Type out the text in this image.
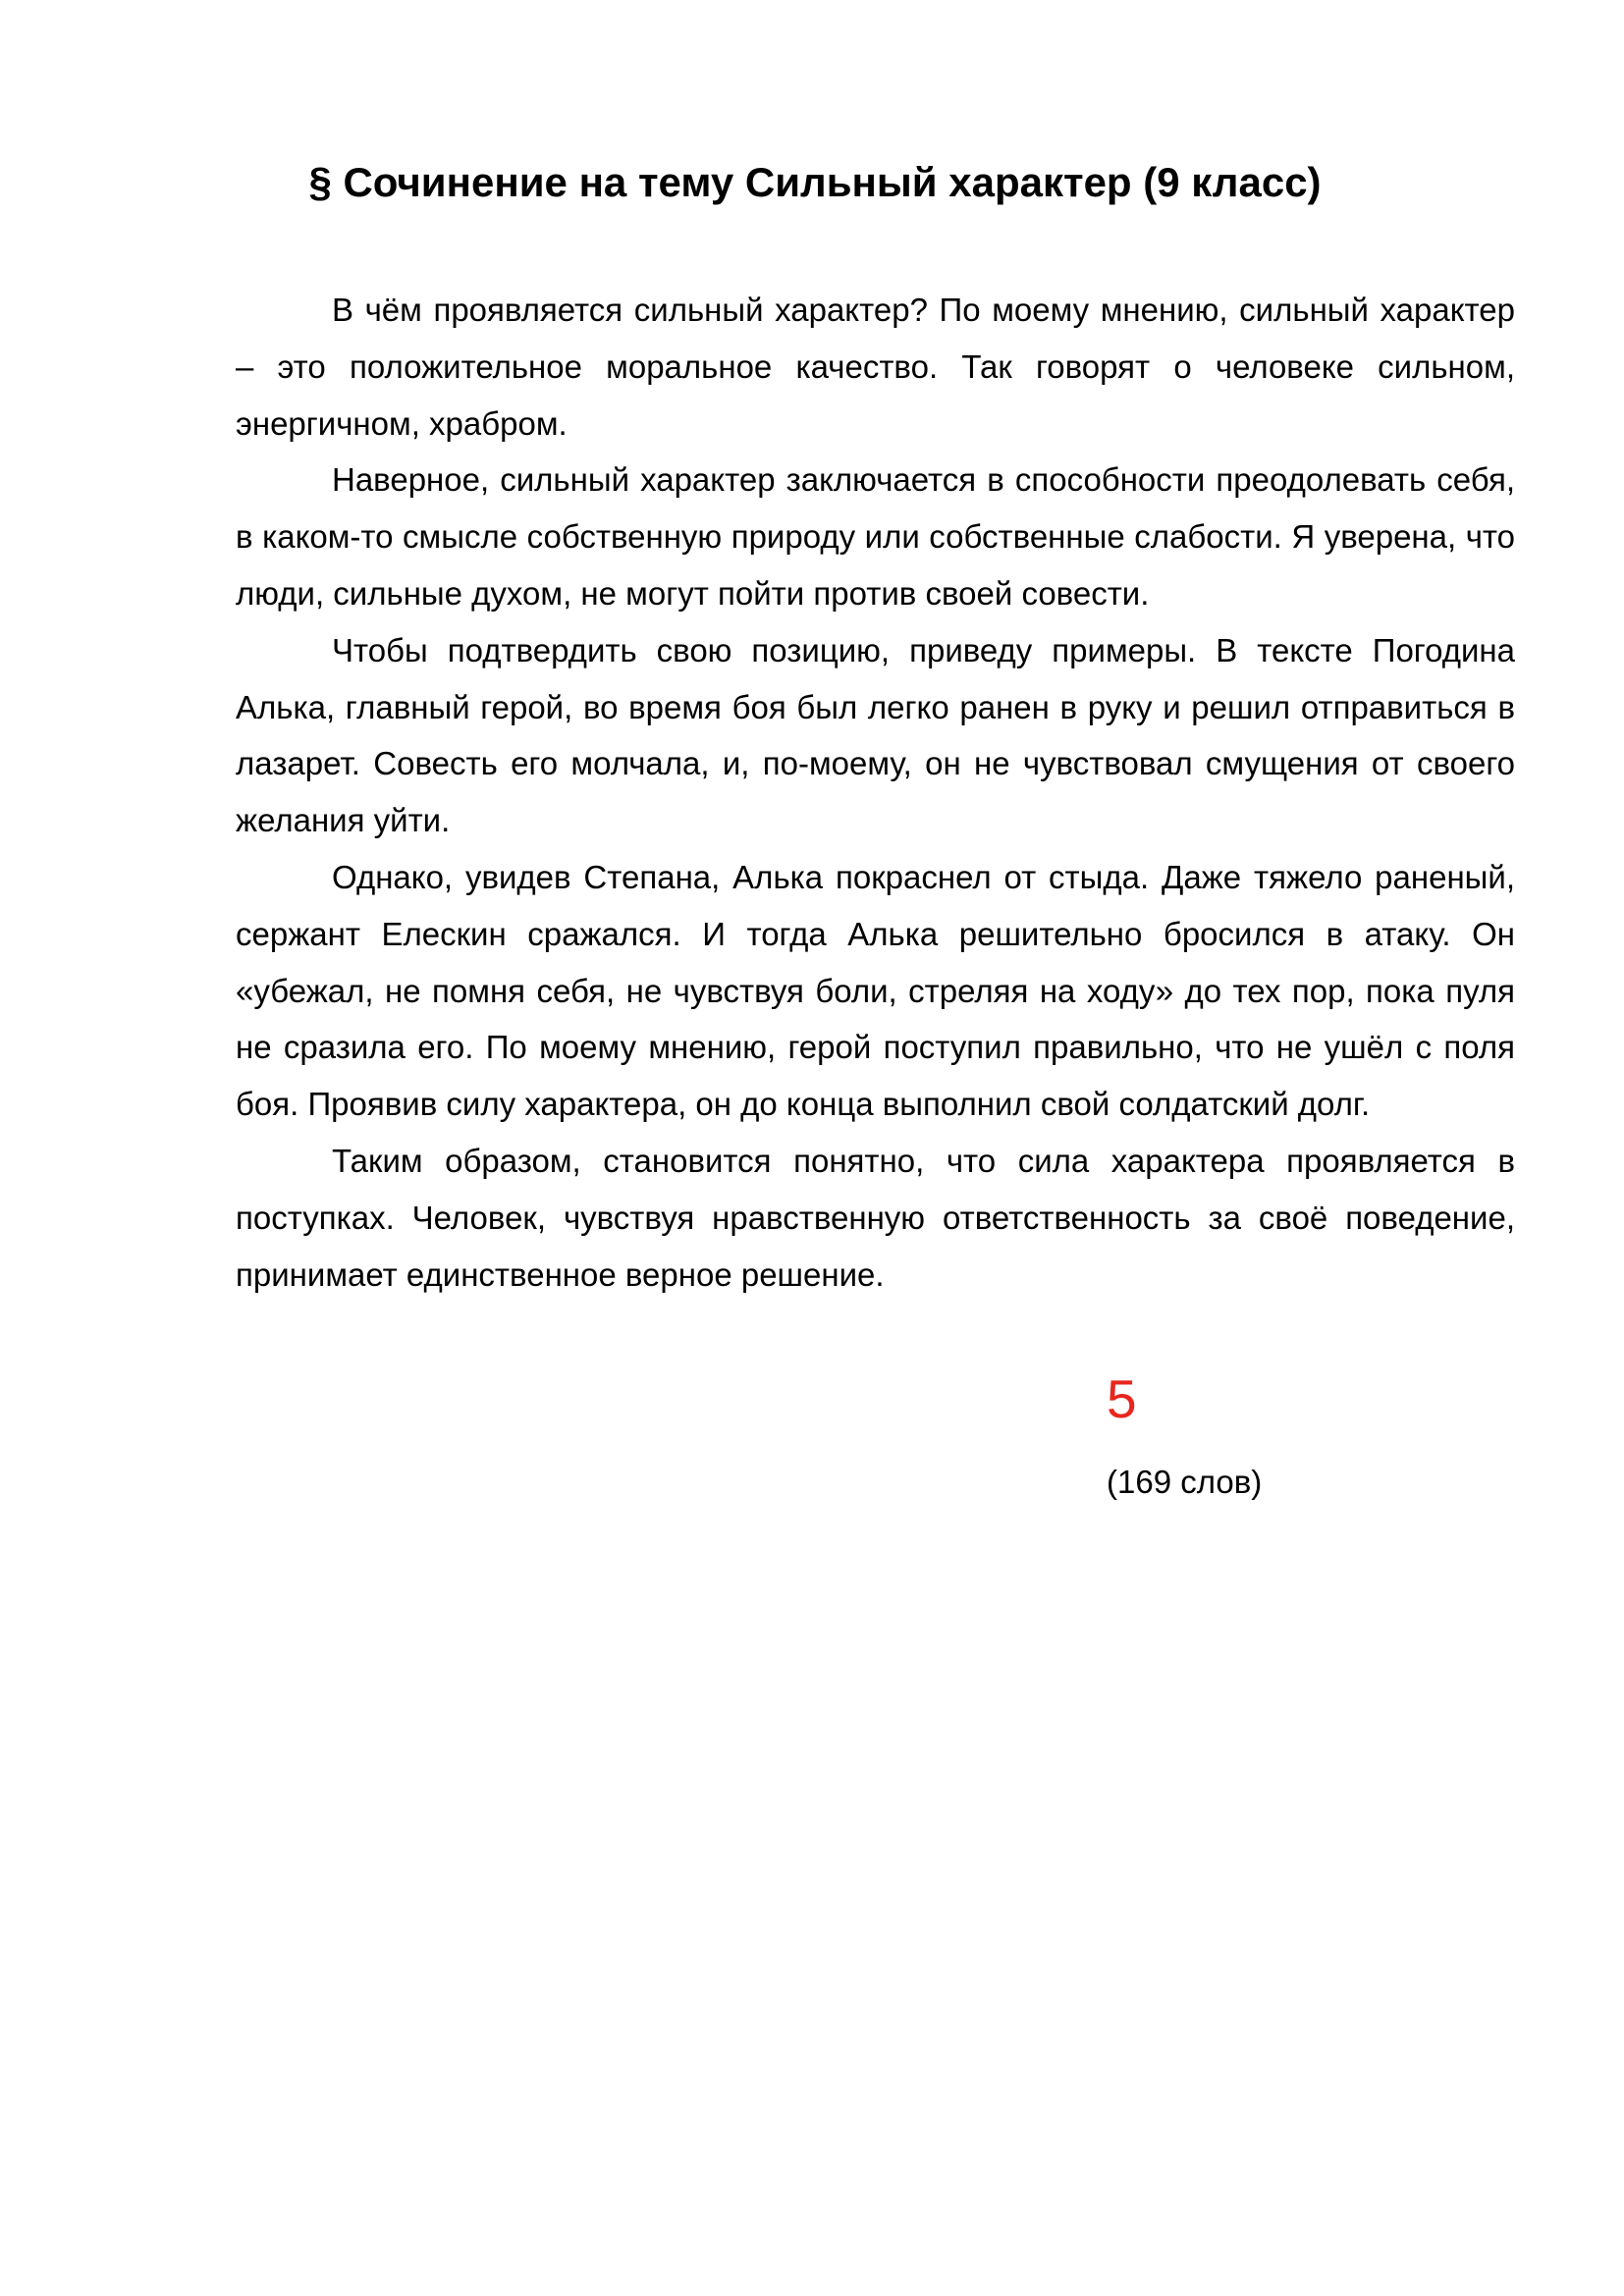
§ Сочинение на тему Сильный характер (9 класс)

В чём проявляется сильный характер? По моему мнению, сильный характер – это положительное моральное качество. Так говорят о человеке сильном, энергичном, храбром.

Наверное, сильный характер заключается в способности преодолевать себя, в каком-то смысле собственную природу или собственные слабости. Я уверена, что люди, сильные духом, не могут пойти против своей совести.

Чтобы подтвердить свою позицию, приведу примеры. В тексте Погодина Алька, главный герой, во время боя был легко ранен в руку и решил отправиться в лазарет. Совесть его молчала, и, по-моему, он не чувствовал смущения от своего желания уйти.

Однако, увидев Степана, Алька покраснел от стыда. Даже тяжело раненый, сержант Елескин сражался. И тогда Алька решительно бросился в атаку. Он «убежал, не помня себя, не чувствуя боли, стреляя на ходу» до тех пор, пока пуля не сразила его. По моему мнению, герой поступил правильно, что не ушёл с поля боя. Проявив силу характера, он до конца выполнил свой солдатский долг.

Таким образом, становится понятно, что сила характера проявляется в поступках. Человек, чувствуя нравственную ответственность за своё поведение, принимает единственное верное решение.

5

(169 слов)
